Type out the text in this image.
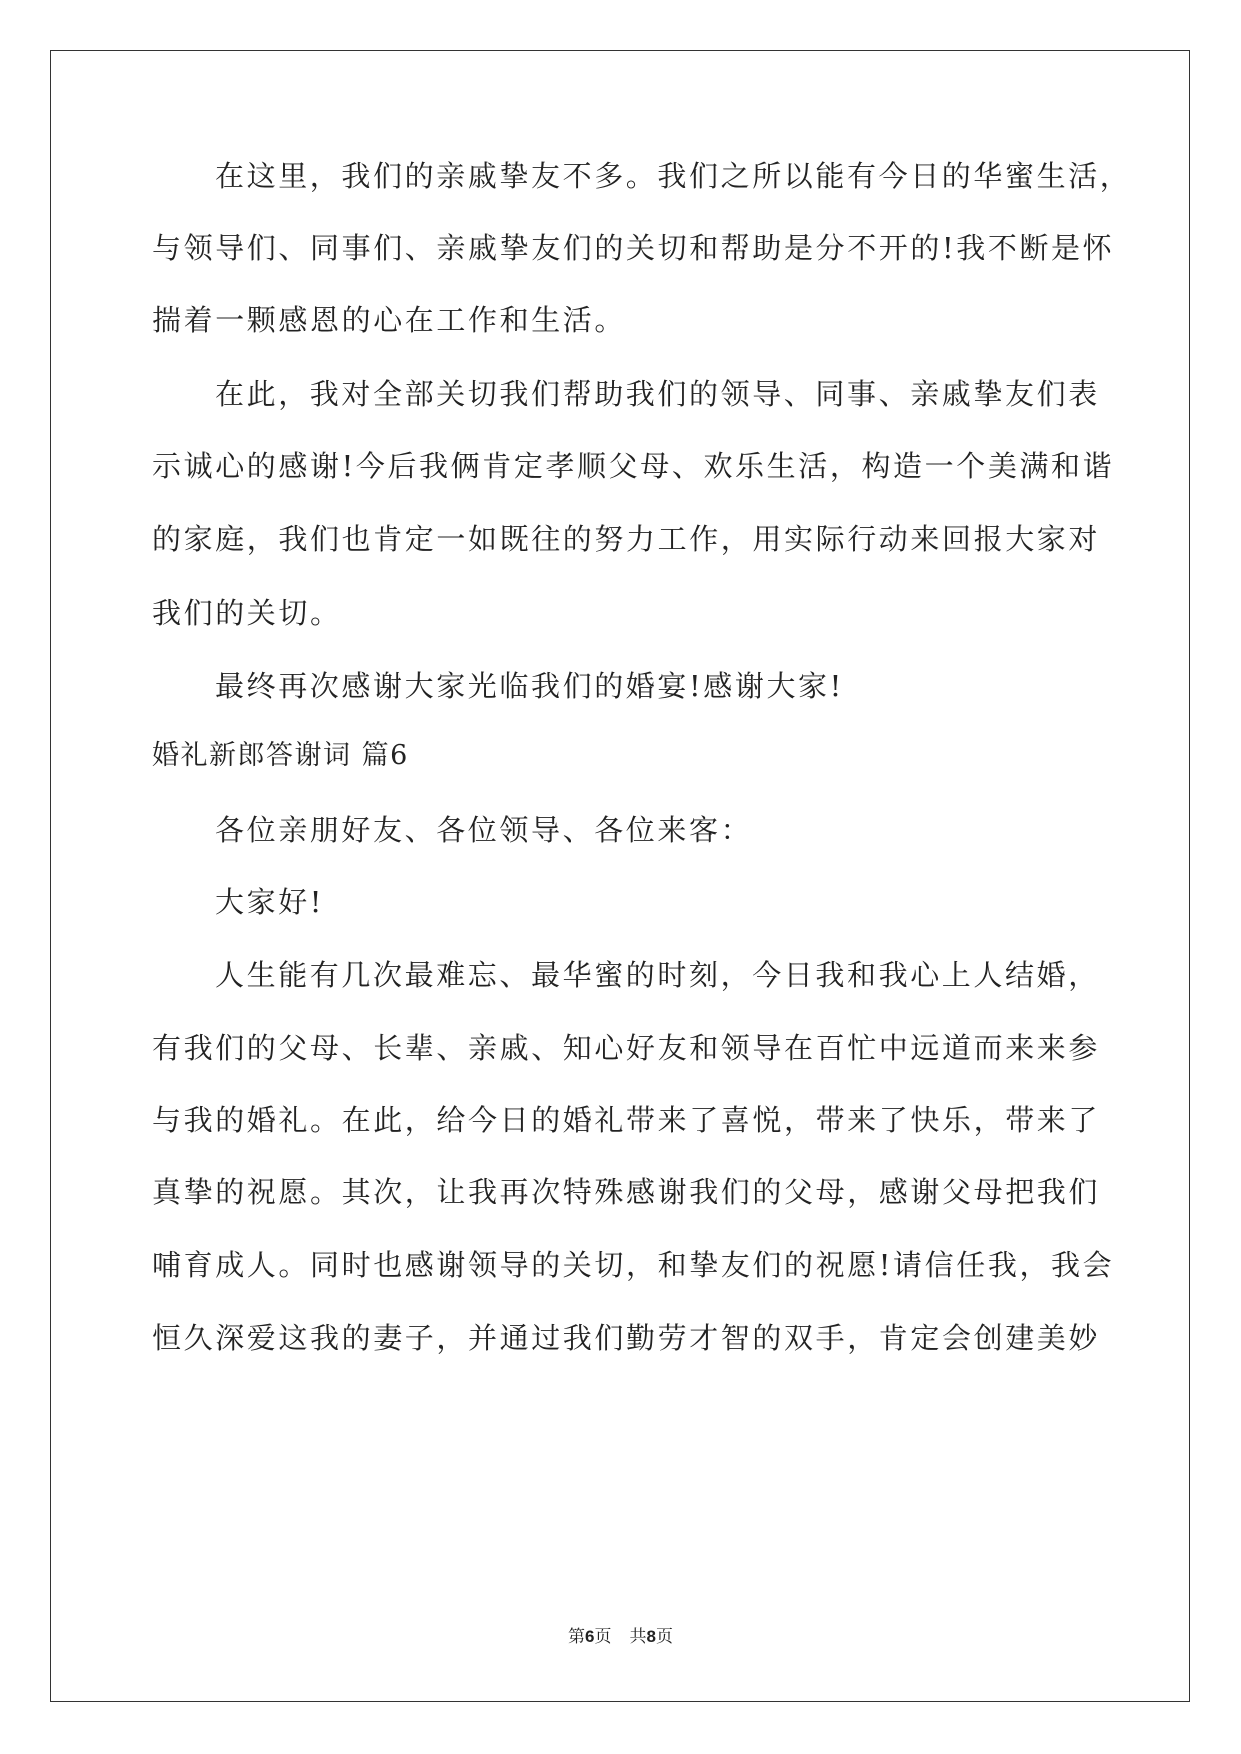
在这里，我们的亲戚挚友不多。我们之所以能有今日的华蜜生活，
与领导们、同事们、亲戚挚友们的关切和帮助是分不开的!我不断是怀
揣着一颗感恩的心在工作和生活。
在此，我对全部关切我们帮助我们的领导、同事、亲戚挚友们表
示诚心的感谢!今后我俩肯定孝顺父母、欢乐生活，构造一个美满和谐
的家庭，我们也肯定一如既往的努力工作，用实际行动来回报大家对
我们的关切。
最终再次感谢大家光临我们的婚宴!感谢大家!
婚礼新郎答谢词 篇6
各位亲朋好友、各位领导、各位来客：
大家好!
人生能有几次最难忘、最华蜜的时刻，今日我和我心上人结婚，
有我们的父母、长辈、亲戚、知心好友和领导在百忙中远道而来来参
与我的婚礼。在此，给今日的婚礼带来了喜悦，带来了快乐，带来了
真挚的祝愿。其次，让我再次特殊感谢我们的父母，感谢父母把我们
哺育成人。同时也感谢领导的关切，和挚友们的祝愿!请信任我，我会
恒久深爱这我的妻子，并通过我们勤劳才智的双手，肯定会创建美妙
第6页 共8页
